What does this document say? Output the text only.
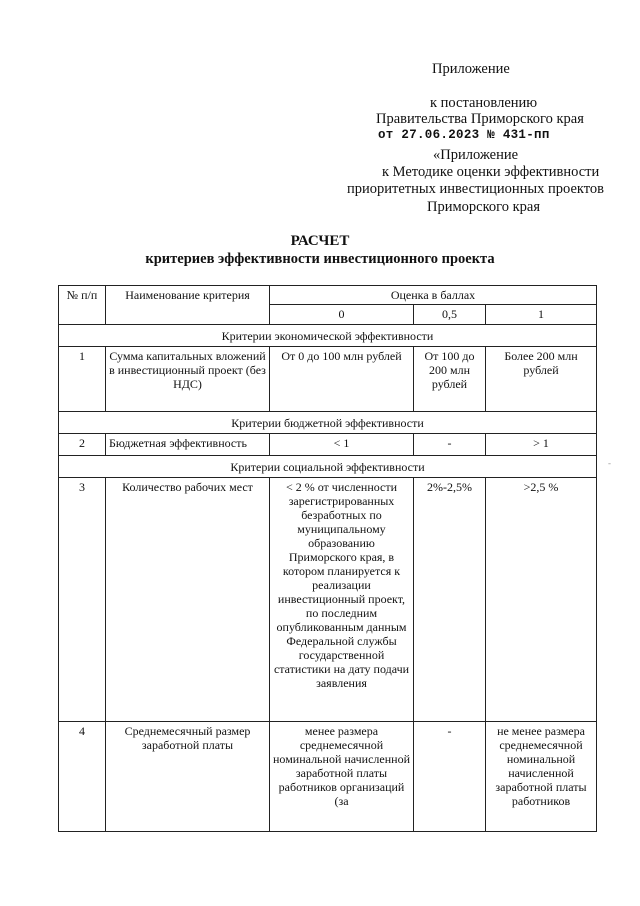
Приложение
к постановлению
Правительства Приморского края
от 27.06.2023 № 431-пп
«Приложение
к Методике оценки эффективности
приоритетных инвестиционных проектов
Приморского края
РАСЧЕТ
критериев эффективности инвестиционного проекта
№ п/п	Наименование критерия	Оценка в баллах		
		0	0,5	1
Критерии экономической эффективности				
1	Сумма капитальных вложений в инвестиционный проект (без НДС)	От 0 до 100 млн рублей	От 100 до 200 млн рублей	Более 200 млн рублей
Критерии бюджетной эффективности				
2	Бюджетная эффективность	< 1	-	> 1
Критерии социальной эффективности				
3	Количество рабочих мест	< 2 % от численности зарегистрированных безработных по муниципальному образованию Приморского края, в котором планируется к реализации инвестиционный проект, по последним опубликованным данным Федеральной службы государственной статистики на дату подачи заявления	2%-2,5%	>2,5 %
4	Среднемесячный размер заработной платы	менее размера среднемесячной номинальной начисленной заработной платы работников организаций (за	-	не менее размера среднемесячной номинальной начисленной заработной платы работников
-
